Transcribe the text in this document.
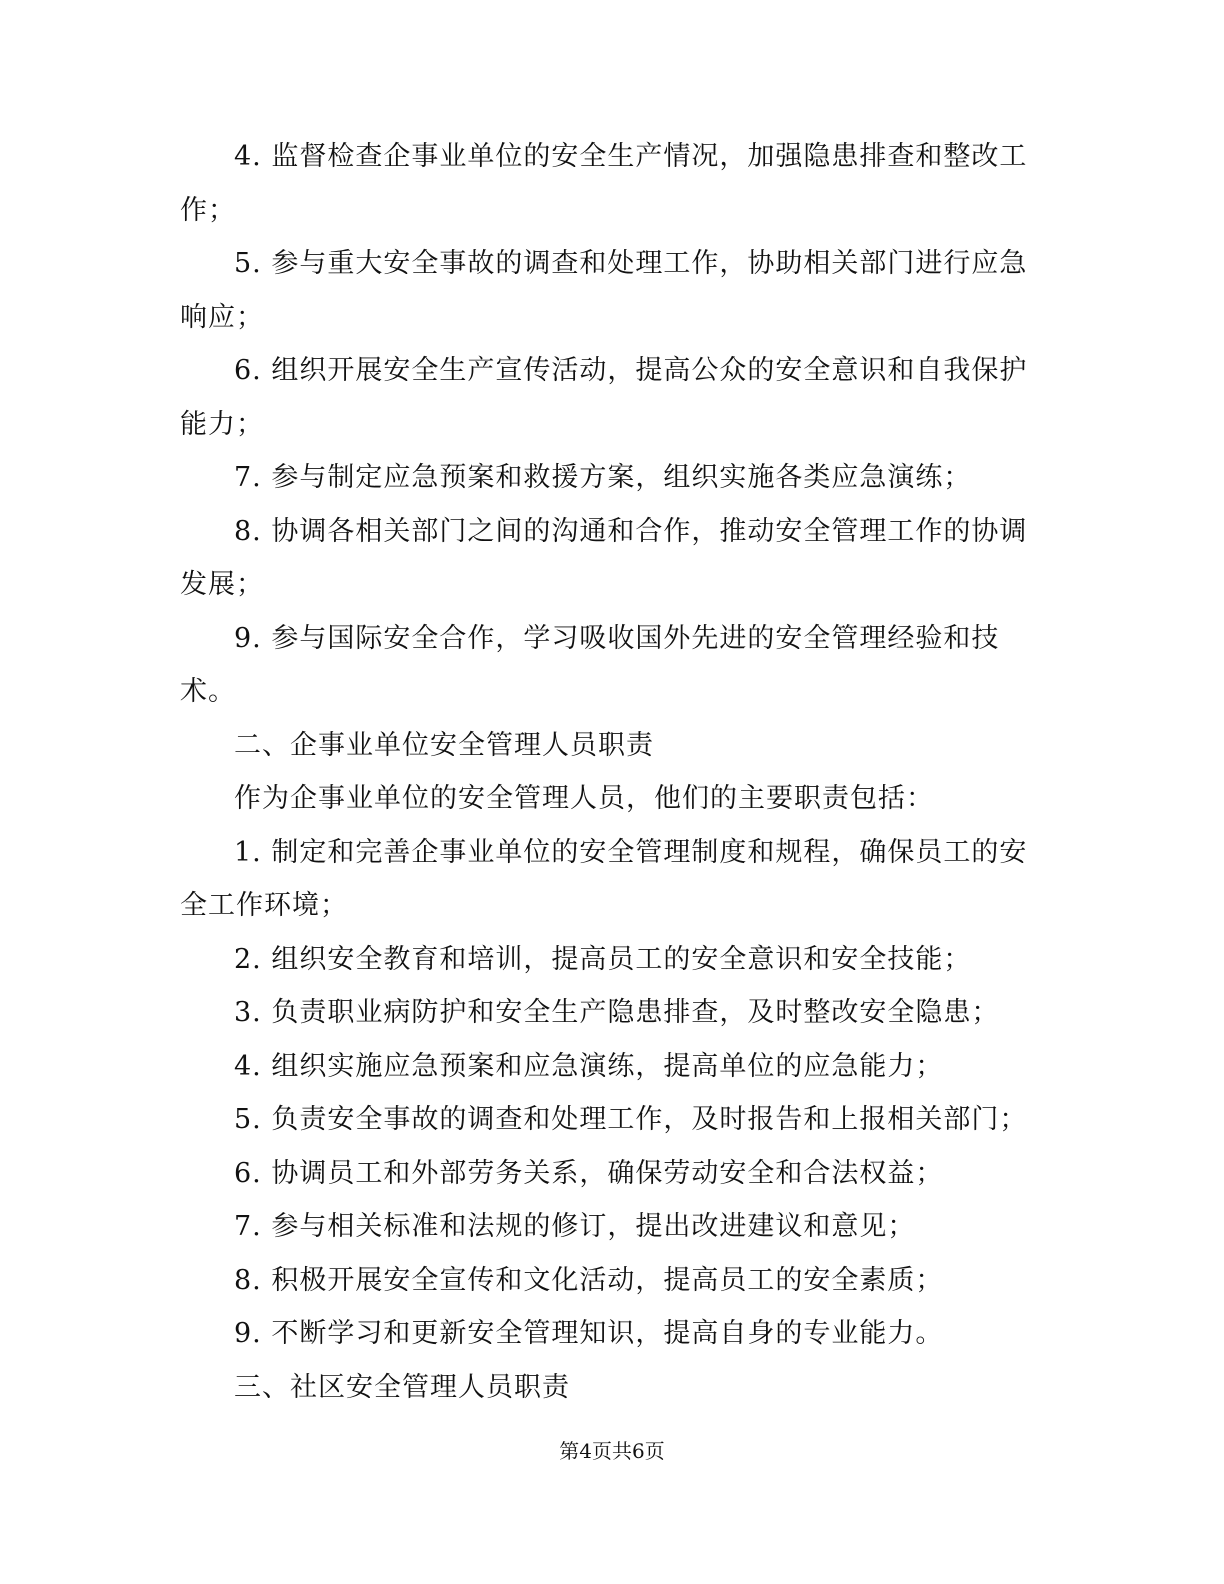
4. 监督检查企事业单位的安全生产情况，加强隐患排查和整改工作；

5. 参与重大安全事故的调查和处理工作，协助相关部门进行应急响应；

6. 组织开展安全生产宣传活动，提高公众的安全意识和自我保护能力；

7. 参与制定应急预案和救援方案，组织实施各类应急演练；

8. 协调各相关部门之间的沟通和合作，推动安全管理工作的协调发展；

9. 参与国际安全合作，学习吸收国外先进的安全管理经验和技术。

二、企事业单位安全管理人员职责

作为企事业单位的安全管理人员，他们的主要职责包括：

1. 制定和完善企事业单位的安全管理制度和规程，确保员工的安全工作环境；

2. 组织安全教育和培训，提高员工的安全意识和安全技能；

3. 负责职业病防护和安全生产隐患排查，及时整改安全隐患；

4. 组织实施应急预案和应急演练，提高单位的应急能力；

5. 负责安全事故的调查和处理工作，及时报告和上报相关部门；

6. 协调员工和外部劳务关系，确保劳动安全和合法权益；

7. 参与相关标准和法规的修订，提出改进建议和意见；

8. 积极开展安全宣传和文化活动，提高员工的安全素质；

9. 不断学习和更新安全管理知识，提高自身的专业能力。

三、社区安全管理人员职责

第4页共6页
